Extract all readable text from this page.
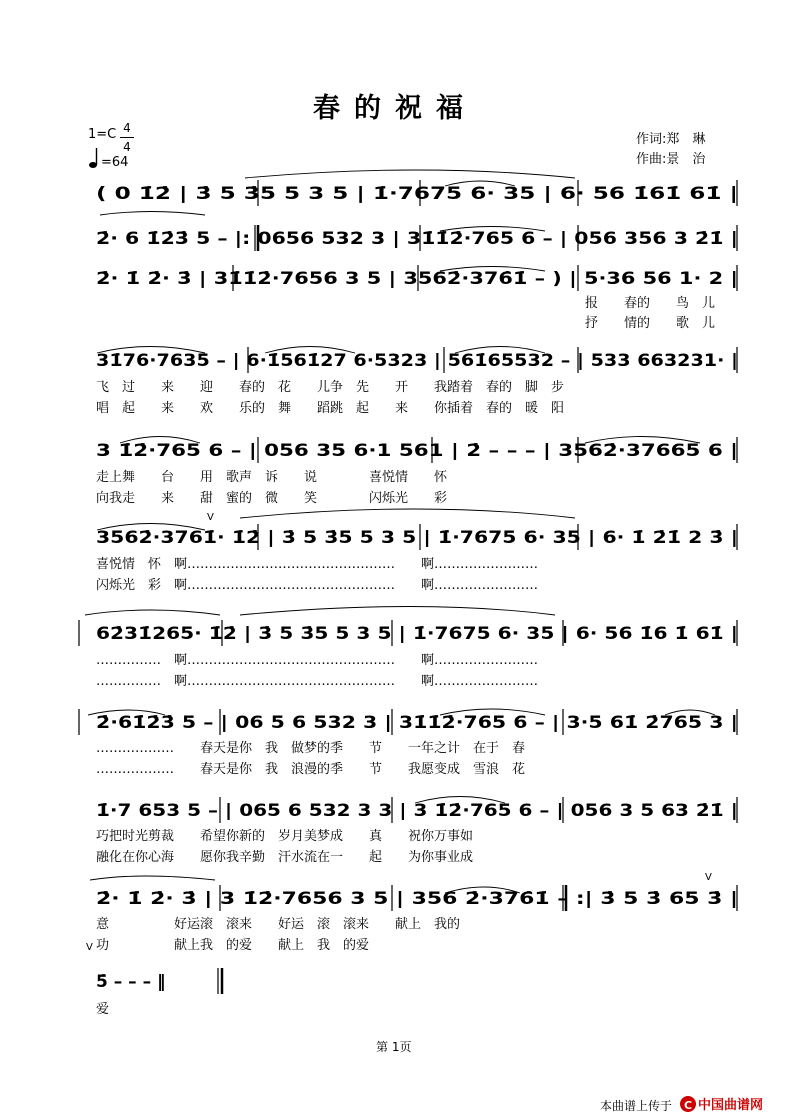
春的祝福
1=C 4
4
=64
作词:郑　琳
作曲:景　治
V
V
V
( 0 1̇2̇ | 3̇ 5 3̇5 5 3 5 | 1̇·7675 6· 35 | 6· 56 1̇61̇ 61̇ |
2̇· 6 1̇2̇3̇ 5 – |: 0656 532 3 | 31̇1̇2̇·765 6 – | 056 356 3 2̇1̇ |
2̇· 1̇ 2̇· 3̇ | 31̇1̇2̇·7656 3 5 | 3562̇·376̇1̇ – ) | 5·36 56 1· 2 |
报　　春的　　鸟　儿
抒　　情的　　歌　儿
31̇76·7635 – | 6·1̇561̇27 6·5323 | 561̇65532 – | 533 663231· |
飞　过　　来　　迎　　春的　花　　儿争　先　　开　　我踏着　春的　脚　步
唱　起　　来　　欢　　乐的　舞　　蹈跳　起　　来　　你插着　春的　暖　阳
3 1̇2̇·765 6 – | 056 35 6·1 561 | 2̇ – – – | 3562̇·37665 6 |
走上舞　　台　　用　歌声　诉　　说　　　　喜悦情　　怀
向我走　　来　　甜　蜜的　微　　笑　　　　闪烁光　　彩
3562̇·3761̇· 1̇2̇ | 3̇ 5 3̇5 5 3 5 | 1̇·7675 6· 35 | 6· 1̇ 2̇1̇ 2 3̇ |
喜悦情　怀　啊…………………………………………　　啊……………………
闪烁光　彩　啊…………………………………………　　啊……………………
62̇31̇265· 1̇2̇ | 3̇ 5 3̇5 5 3 5 | 1̇·7675 6· 35 | 6· 56 1̇6 1̇ 61̇ |
……………　啊…………………………………………　　啊……………………
……………　啊…………………………………………　　啊……………………
2̇·61̇2̇3̇ 5 – | 06 5 6 532 3 | 31̇1̇2̇·765 6 – | 3·5 61̇ 2̇765 3 |
………………　　春天是你　我　做梦的季　　节　　一年之计　在于　春
………………　　春天是你　我　浪漫的季　　节　　我愿变成　雪浪　花
1̇·7 653 5 – | 065 6 532 3 3 | 3 1̇2̇·765 6 – | 056 3 5 63 2̇1̇ |
巧把时光剪裁　　希望你新的　岁月美梦成　　真　　祝你万事如
融化在你心海　　愿你我辛勤　汗水流在一　　起　　为你事业成
2̇· 1̇ 2̇· 3̇ | 3 1̇2̇·7656 3 5 | 356 2̇·376̇1̇ – :| 3̇ 5 3̇ 65 3̇ |
意　　　　　好运滚　滚来　　好运　滚　滚来　　献上　我的
功　　　　　献上我　的爱　　献上　我　的爱
5̇ – – – ‖
爱
第 1页
本曲谱上传于 C 中国曲谱网
